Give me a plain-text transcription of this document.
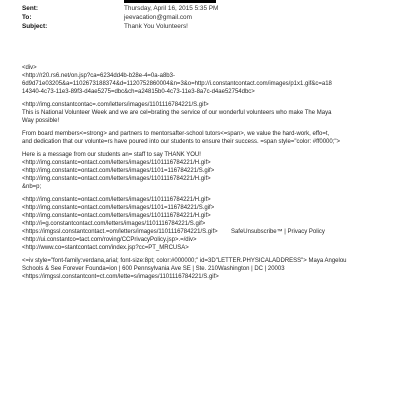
Sent:	Thursday, April 16, 2015 5:35 PM
To:	jeevacation@gmail.com
Subject:	Thank You Volunteers!
<div>
<http://r20.rs6.net/on.jsp?ca=6234dd4b-b28e-4=0a-a8b3-
6d9d71e03205&a=1102673188374&d=1120752860004&n=3&o=http://i.constantcontact.com/images/p1x1.gif&c=a18
14340-4c73-11e3-89f3-d4ae5275=dbc&ch=a24815b0-4c73-11e3-8a7c-d4ae52754dbc>
<http://img.constantcontac=.com/letters/images/1101116784221/S.gif>
This is National Volunteer Week and we are cel=brating the service of our wonderful volunteers who make The Maya
Way possible!
From board members<=strong> and partners to mentorsafter-school tutors<=span>, we value the hard-work, effo=t,
and dedication that our volunte=rs have poured into our students to ensure their success. =span style="color: #ff0000;">
Here is a message from our students an= staff to say THANK YOU!
<http://img.constantc=ontact.com/letters/images/1101116784221/H.gif>
<http://img.constantc=ontact.com/letters/images/1101=116784221/S.gif>
<http://img.constantc=ontact.com/letters/images/1101116784221/H.gif>
&nb=p;
<http://img.constantc=ontact.com/letters/images/1101116784221/H.gif>
<http://img.constantc=ontact.com/letters/images/1101=116784221/S.gif>
<http://img.constantc=ontact.com/letters/images/1101116784221/H.gif>
<http://i=g.constantcontact.com/letters/images/1101116784221/S.gif>
<https://imgssl.constantcontact.=om/letters/images/1101116784221/S.gif>        SafeUnsubscribe™ | Privacy Policy
<http://ui.constantco=tact.com/roving/CCPrivacyPolicy.jsp>.=/div>
<http://www.co=stantcontact.com/index.jsp?cc=PT_MRCUSA>
<=iv style="font-family:verdana,arial; font-size:8pt; color:#000000;" id=3D"LETTER.PHYSICALADDRESS"> Maya Angelou
Schools & See Forever Founda=ion | 600 Pennsylvania Ave SE | Ste. 210Washington | DC | 20003
<https://imgssl.constantcont=ct.com/lette=s/images/1101116784221/S.gif>
